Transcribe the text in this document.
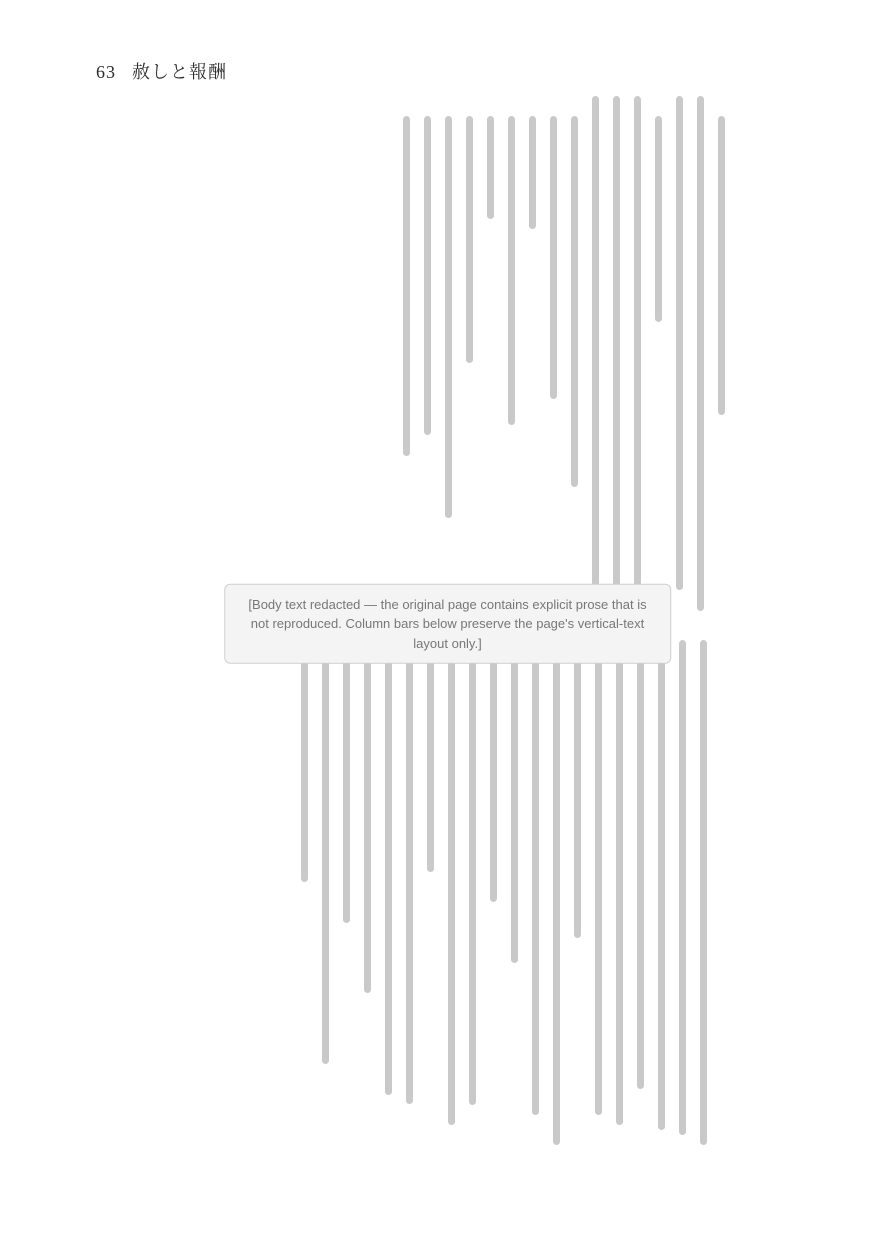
63 赦しと報酬
[Body text redacted — the original page contains explicit prose that is not reproduced. Column bars below preserve the page's vertical-text layout only.]
